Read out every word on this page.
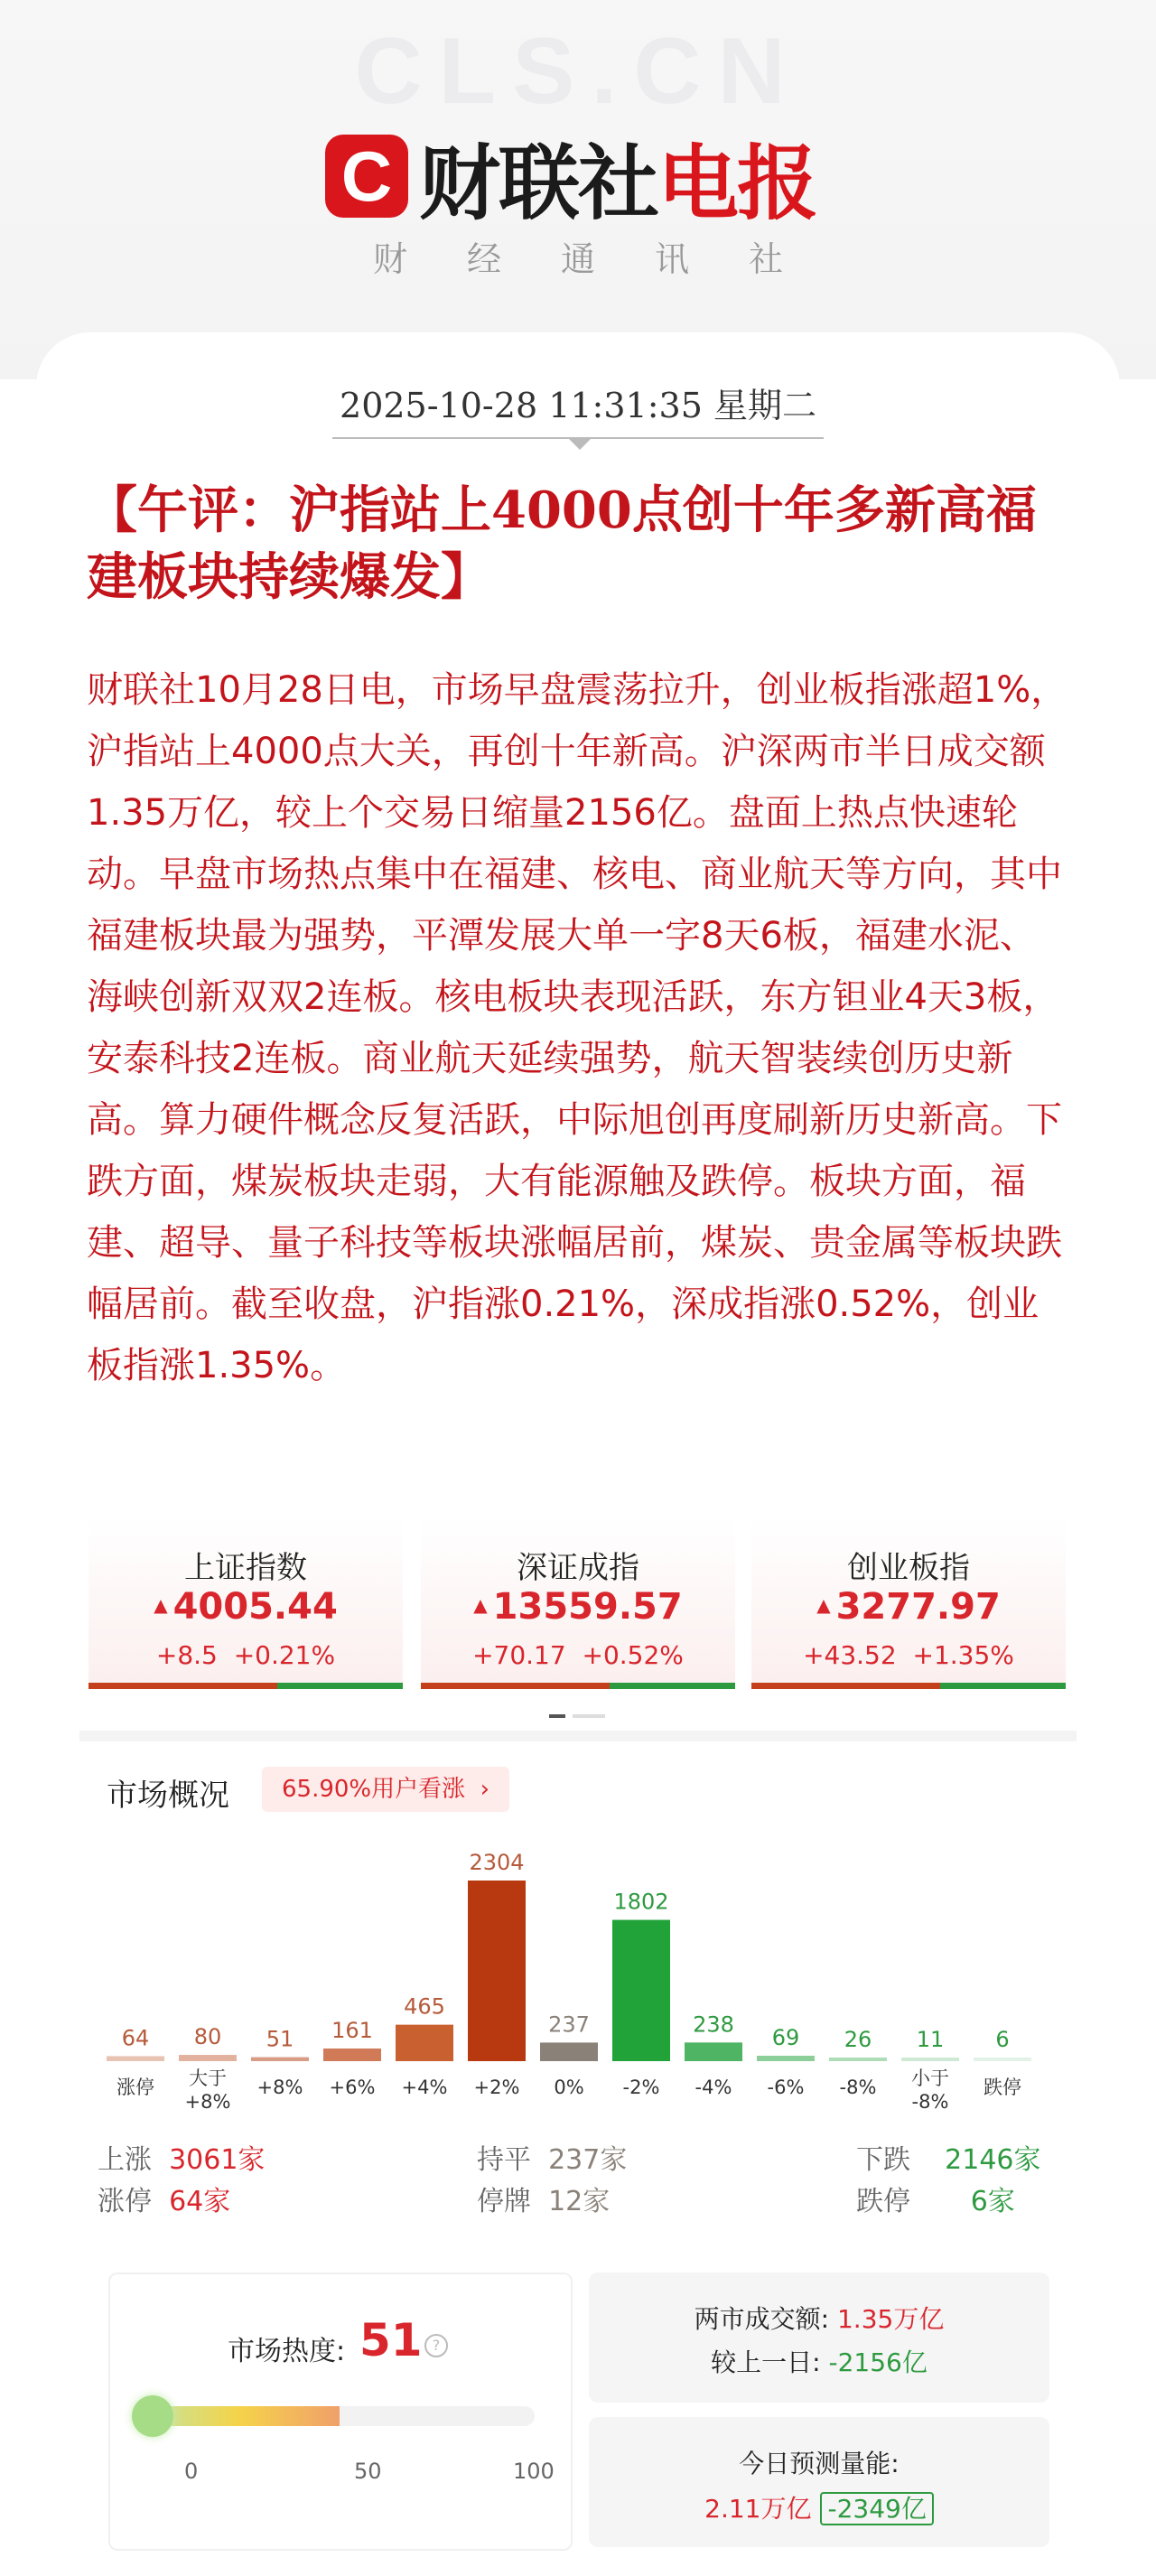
CLS.CN
C 财联社 电报
财经通讯社
2025-10-28 11:31:35 星期二
【午评：沪指站上4000点创十年多新高福建板块持续爆发】
财联社10月28日电，市场早盘震荡拉升，创业板指涨超1%，沪指站上4000点大关，再创十年新高。沪深两市半日成交额1.35万亿，较上个交易日缩量2156亿。盘面上热点快速轮动。早盘市场热点集中在福建、核电、商业航天等方向，其中福建板块最为强势，平潭发展大单一字8天6板，福建水泥、海峡创新双双2连板。核电板块表现活跃，东方钽业4天3板，安泰科技2连板。商业航天延续强势，航天智装续创历史新高。算力硬件概念反复活跃，中际旭创再度刷新历史新高。下跌方面，煤炭板块走弱，大有能源触及跌停。板块方面，福建、超导、量子科技等板块涨幅居前，煤炭、贵金属等板块跌幅居前。截至收盘，沪指涨0.21%，深成指涨0.52%，创业板指涨1.35%。
上证指数
▲ 4005.44
+8.5 +0.21%
深证成指
▲ 13559.57
+70.17 +0.52%
创业板指
▲ 3277.97
+43.52 +1.35%
市场概况	65.90%用户看涨  ›
64
涨停
80
大于
+8%
51
+8%
161
+6%
465
+4%
2304
+2%
237
0%
1802
-2%
238
-4%
69
-6%
26
-8%
11
小于
-8%
6
跌停
上涨 3061家
涨停 64家
持平 237家
停牌 12家
下跌 2146家
跌停 6家
市场热度: 51 ?
0	50	100
两市成交额: 1.35万亿
较上一日: -2156亿
今日预测量能:
2.11万亿 -2349亿
